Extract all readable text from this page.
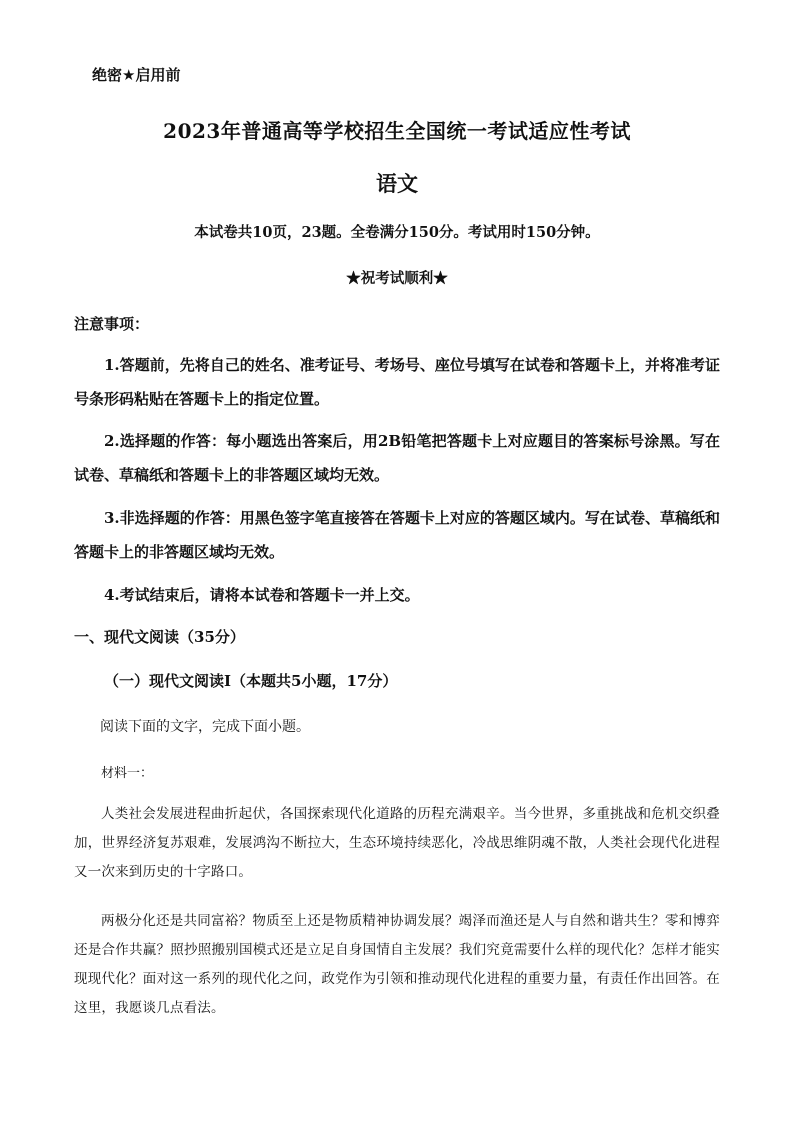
绝密★启用前
2023年普通高等学校招生全国统一考试适应性考试
语文
本试卷共10页，23题。全卷满分150分。考试用时150分钟。
★祝考试顺利★
注意事项：
1.答题前，先将自己的姓名、准考证号、考场号、座位号填写在试卷和答题卡上，并将准考证号条形码粘贴在答题卡上的指定位置。
2.选择题的作答：每小题选出答案后，用2B铅笔把答题卡上对应题目的答案标号涂黑。写在试卷、草稿纸和答题卡上的非答题区域均无效。
3.非选择题的作答：用黑色签字笔直接答在答题卡上对应的答题区域内。写在试卷、草稿纸和答题卡上的非答题区域均无效。
4.考试结束后，请将本试卷和答题卡一并上交。
一、现代文阅读（35分）
（一）现代文阅读Ⅰ（本题共5小题，17分）
阅读下面的文字，完成下面小题。
材料一：
人类社会发展进程曲折起伏，各国探索现代化道路的历程充满艰辛。当今世界，多重挑战和危机交织叠加，世界经济复苏艰难，发展鸿沟不断拉大，生态环境持续恶化，冷战思维阴魂不散，人类社会现代化进程又一次来到历史的十字路口。
两极分化还是共同富裕？物质至上还是物质精神协调发展？竭泽而渔还是人与自然和谐共生？零和博弈还是合作共赢？照抄照搬别国模式还是立足自身国情自主发展？我们究竟需要什么样的现代化？怎样才能实现现代化？面对这一系列的现代化之问，政党作为引领和推动现代化进程的重要力量，有责任作出回答。在这里，我愿谈几点看法。
